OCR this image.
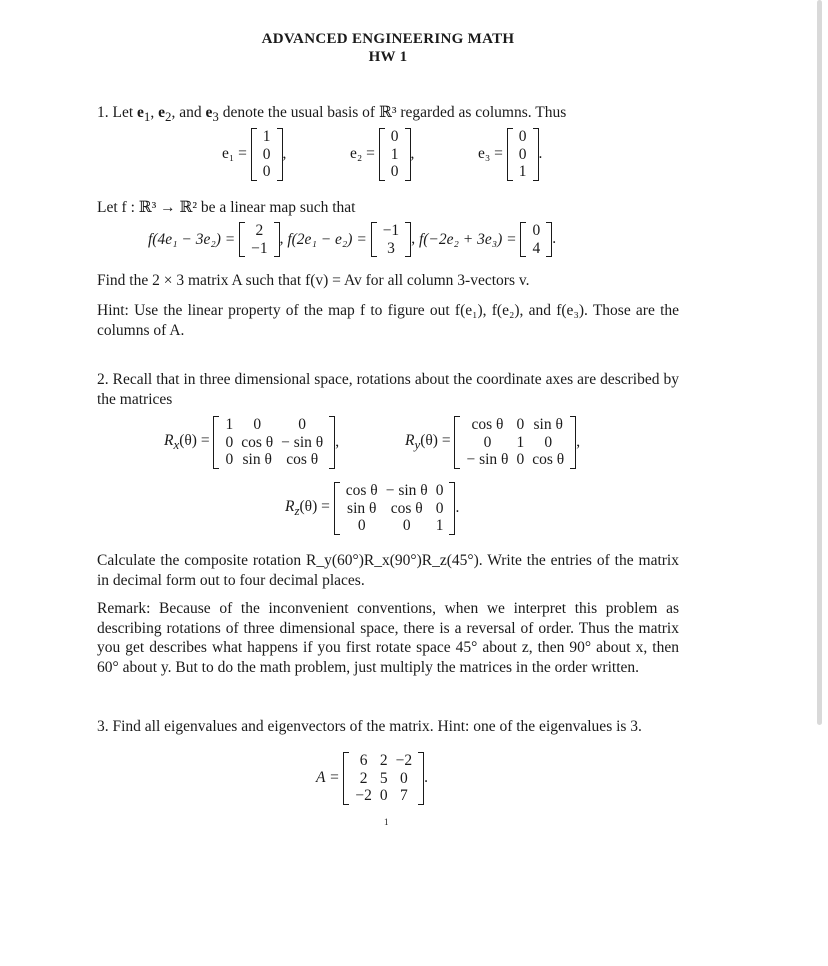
ADVANCED ENGINEERING MATH
HW 1
1. Let $e_1$, $e_2$, and $e_3$ denote the usual basis of ℝ³ regarded as columns. Thus
e₁ =
1
0
0
,	e₂ =
0
1
0
,	e₃ =
0
0
1
.
Let f : ℝ³ → ℝ² be a linear map such that
f(4e₁ − 3e₂) = 2
−1
, f(2e₁ − e₂) = −1
3
, f(−2e₂ + 3e₃) = 0
4
.
Find the 2 × 3 matrix A such that f(v) = Av for all column 3-vectors v.
Hint: Use the linear property of the map f to figure out f(e₁), f(e₂), and f(e₃). Those are the columns of A.
2. Recall that in three dimensional space, rotations about the coordinate axes are described by the matrices
$R_x(\theta)$ =
1	0	0
0	cos θ	− sin θ
0	sin θ	cos θ
,	$R_y(\theta)$ =
cos θ	0	sin θ
0	1	0
− sin θ	0	cos θ
,
$R_z(\theta)$ =
cos θ	− sin θ	0
sin θ	cos θ	0
0	0	1
.
Calculate the composite rotation R_y(60°)R_x(90°)R_z(45°). Write the entries of the matrix in decimal form out to four decimal places.
Remark: Because of the inconvenient conventions, when we interpret this problem as describing rotations of three dimensional space, there is a reversal of order. Thus the matrix you get describes what happens if you first rotate space 45° about z, then 90° about x, then 60° about y. But to do the math problem, just multiply the matrices in the order written.
3. Find all eigenvalues and eigenvectors of the matrix. Hint: one of the eigenvalues is 3.
A =
6	2	−2
2	5	0
−2	0	7
.
1
